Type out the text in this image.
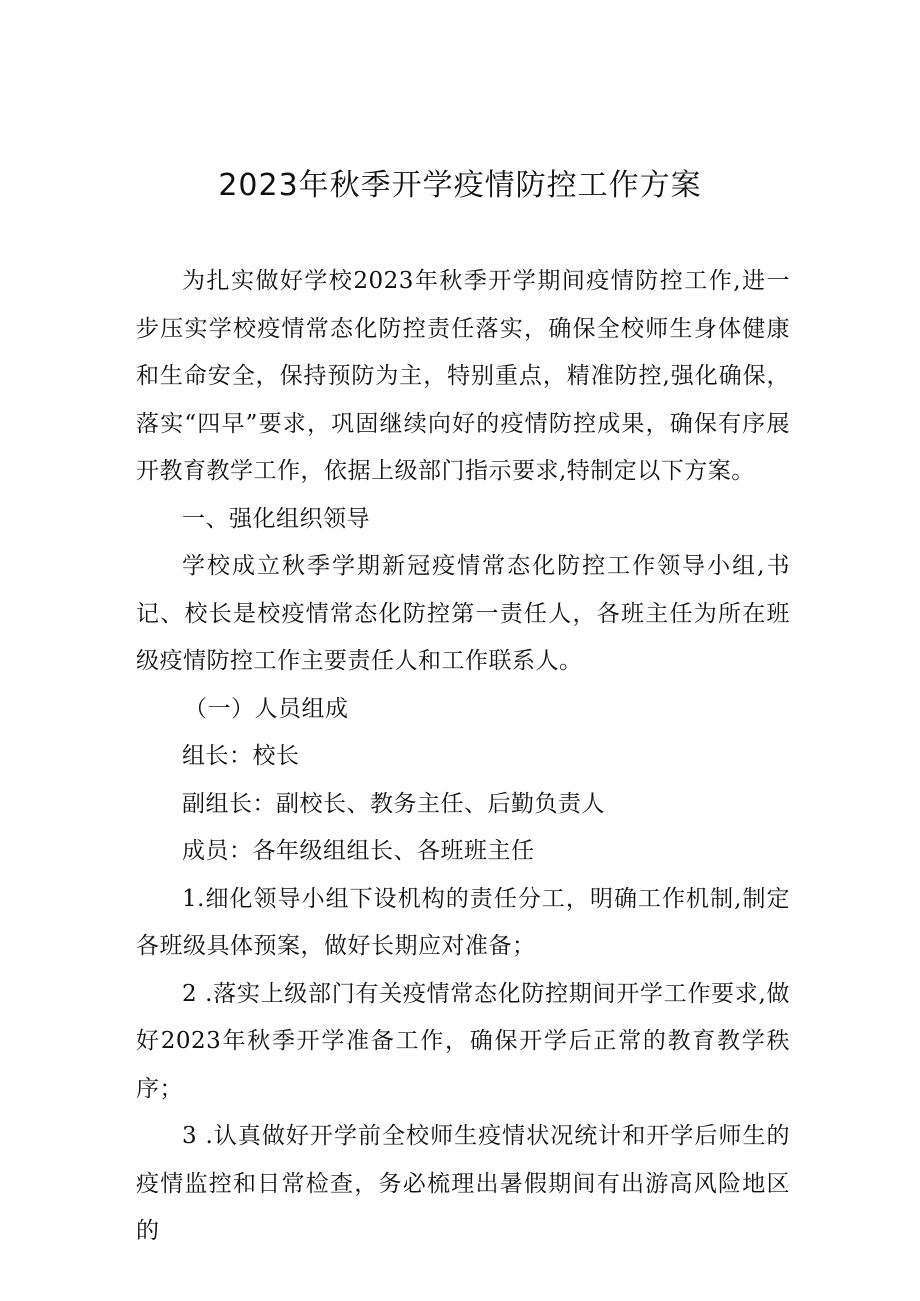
2023年秋季开学疫情防控工作方案

为扎实做好学校2023年秋季开学期间疫情防控工作,进一步压实学校疫情常态化防控责任落实，确保全校师生身体健康和生命安全，保持预防为主，特别重点，精准防控,强化确保，落实“四早”要求，巩固继续向好的疫情防控成果，确保有序展开教育教学工作，依据上级部门指示要求,特制定以下方案。

一、强化组织领导

学校成立秋季学期新冠疫情常态化防控工作领导小组,书记、校长是校疫情常态化防控第一责任人，各班主任为所在班级疫情防控工作主要责任人和工作联系人。

（一）人员组成

组长：校长

副组长：副校长、教务主任、后勤负责人

成员：各年级组组长、各班班主任

1.细化领导小组下设机构的责任分工，明确工作机制,制定各班级具体预案，做好长期应对准备；

2 .落实上级部门有关疫情常态化防控期间开学工作要求,做好2023年秋季开学准备工作，确保开学后正常的教育教学秩序；

3 .认真做好开学前全校师生疫情状况统计和开学后师生的疫情监控和日常检查，务必梳理出暑假期间有出游高风险地区的
